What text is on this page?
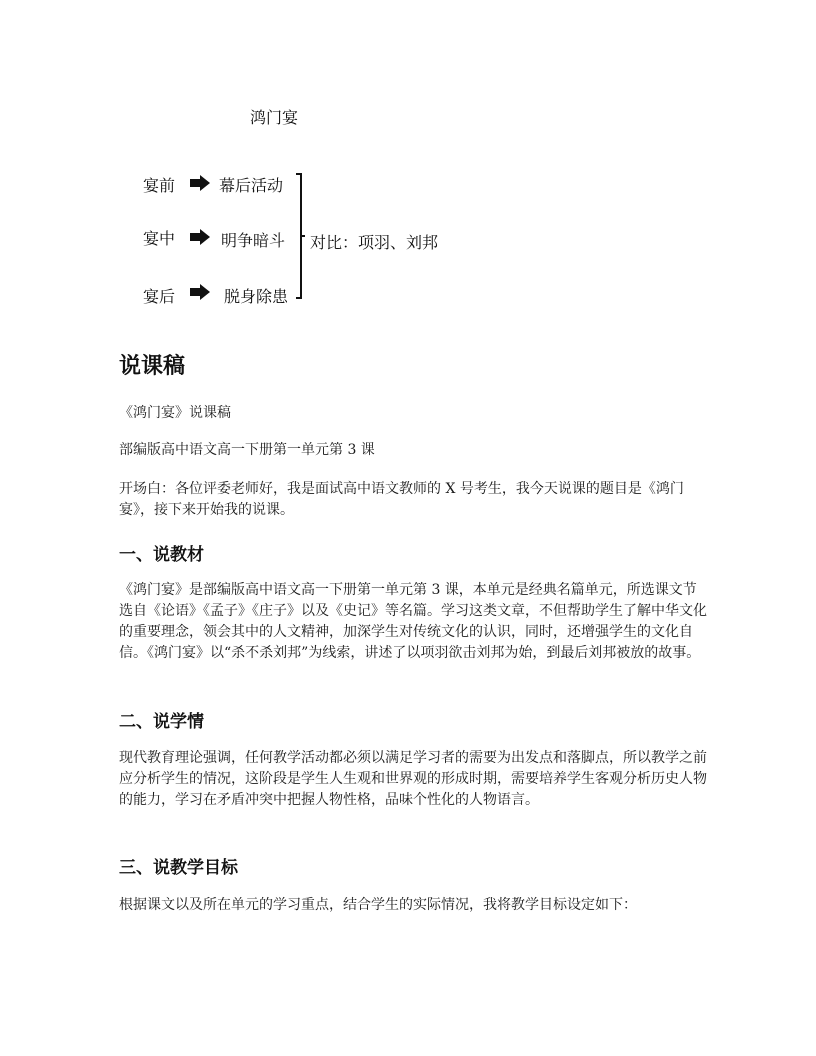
鸿门宴
宴前	幕后活动
宴中	明争暗斗
宴后	脱身除患
对比：项羽、刘邦
说课稿
《鸿门宴》说课稿
部编版高中语文高一下册第一单元第 3 课
开场白：各位评委老师好，我是面试高中语文教师的 X 号考生，我今天说课的题目是《鸿门宴》，接下来开始我的说课。
一、说教材
《鸿门宴》是部编版高中语文高一下册第一单元第 3 课，本单元是经典名篇单元，所选课文节选自《论语》《孟子》《庄子》以及《史记》等名篇。学习这类文章，不但帮助学生了解中华文化的重要理念，领会其中的人文精神，加深学生对传统文化的认识，同时，还增强学生的文化自信。《鸿门宴》以“杀不杀刘邦”为线索，讲述了以项羽欲击刘邦为始，到最后刘邦被放的故事。
二、说学情
现代教育理论强调，任何教学活动都必须以满足学习者的需要为出发点和落脚点，所以教学之前应分析学生的情况，这阶段是学生人生观和世界观的形成时期，需要培养学生客观分析历史人物的能力，学习在矛盾冲突中把握人物性格，品味个性化的人物语言。
三、说教学目标
根据课文以及所在单元的学习重点，结合学生的实际情况，我将教学目标设定如下：
